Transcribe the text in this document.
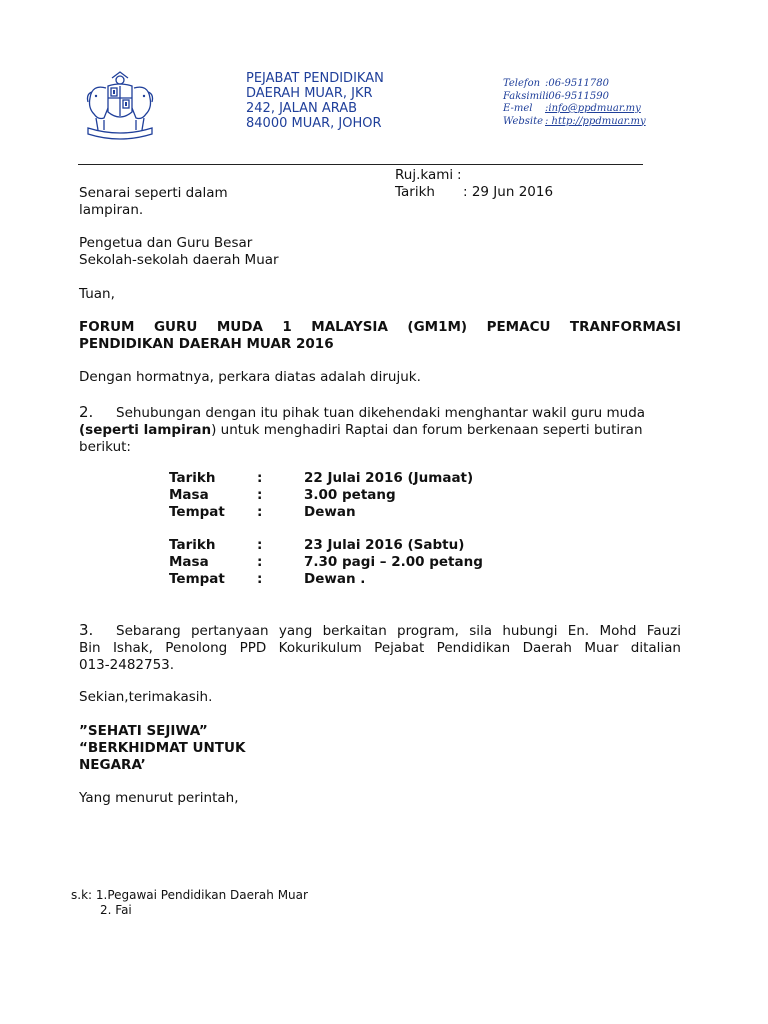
PEJABAT PENDIDIKAN
DAERAH MUAR, JKR
242, JALAN ARAB
84000 MUAR, JOHOR
Telefon :06-9511780
Faksimili:06-9511590
E-mel :info@ppdmuar.my
Website : http://ppdmuar.my
Ruj.kami :
Tarikh : 29 Jun 2016
Senarai seperti dalam
lampiran.
Pengetua dan Guru Besar
Sekolah-sekolah daerah Muar
Tuan,
FORUM GURU MUDA 1 MALAYSIA (GM1M) PEMACU TRANFORMASI
PENDIDIKAN DAERAH MUAR 2016
Dengan hormatnya, perkara diatas adalah dirujuk.
2. Sehubungan dengan itu pihak tuan dikehendaki menghantar wakil guru muda
(seperti lampiran) untuk menghadiri Raptai dan forum berkenaan seperti butiran
berikut:
Tarikh	:	22 Julai 2016 (Jumaat)
Masa	:	3.00 petang
Tempat	:	Dewan
Tarikh	:	23 Julai 2016 (Sabtu)
Masa	:	7.30 pagi – 2.00 petang
Tempat	:	Dewan .
3. Sebarang pertanyaan yang berkaitan program, sila hubungi En. Mohd Fauzi
Bin Ishak, Penolong PPD Kokurikulum Pejabat Pendidikan Daerah Muar ditalian
013-2482753.
Sekian,terimakasih.
”SEHATI SEJIWA”
“BERKHIDMAT UNTUK
NEGARA’
Yang menurut perintah,
s.k: 1.Pegawai Pendidikan Daerah Muar
2. Fai
